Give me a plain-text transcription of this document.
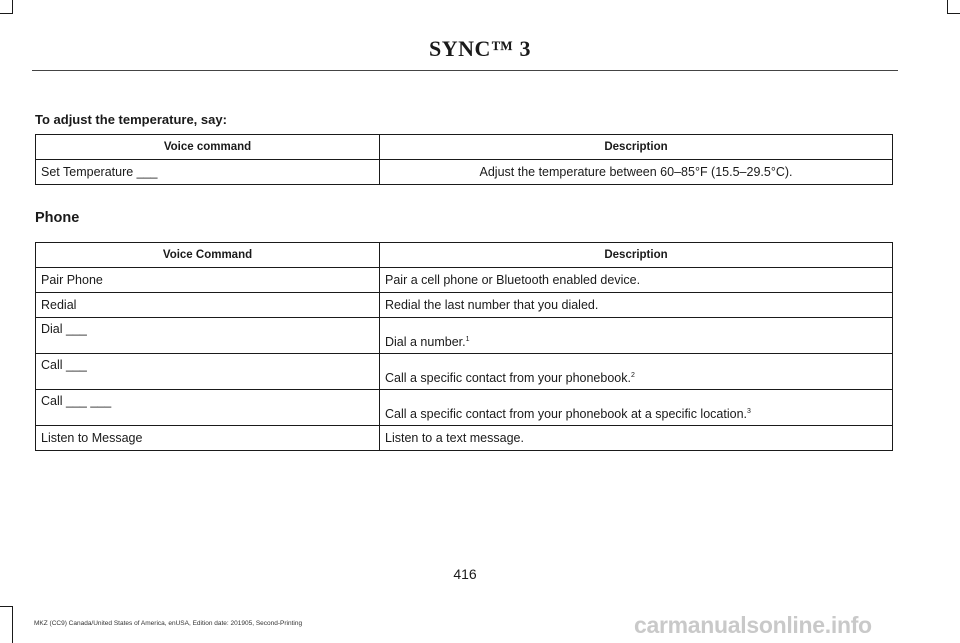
SYNC™ 3
To adjust the temperature, say:
Voice command	Description
Set Temperature ___	Adjust the temperature between 60–85°F (15.5–29.5°C).
Phone
Voice Command	Description
Pair Phone	Pair a cell phone or Bluetooth enabled device.
Redial	Redial the last number that you dialed.
Dial ___	Dial a number.$^1$
Call ___	Call a specific contact from your phonebook.$^2$
Call ___ ___	Call a specific contact from your phonebook at a specific location.$^3$
Listen to Message	Listen to a text message.
416
MKZ (CC9) Canada/United States of America, enUSA, Edition date: 201905, Second-Printing	carmanualsonline.info
